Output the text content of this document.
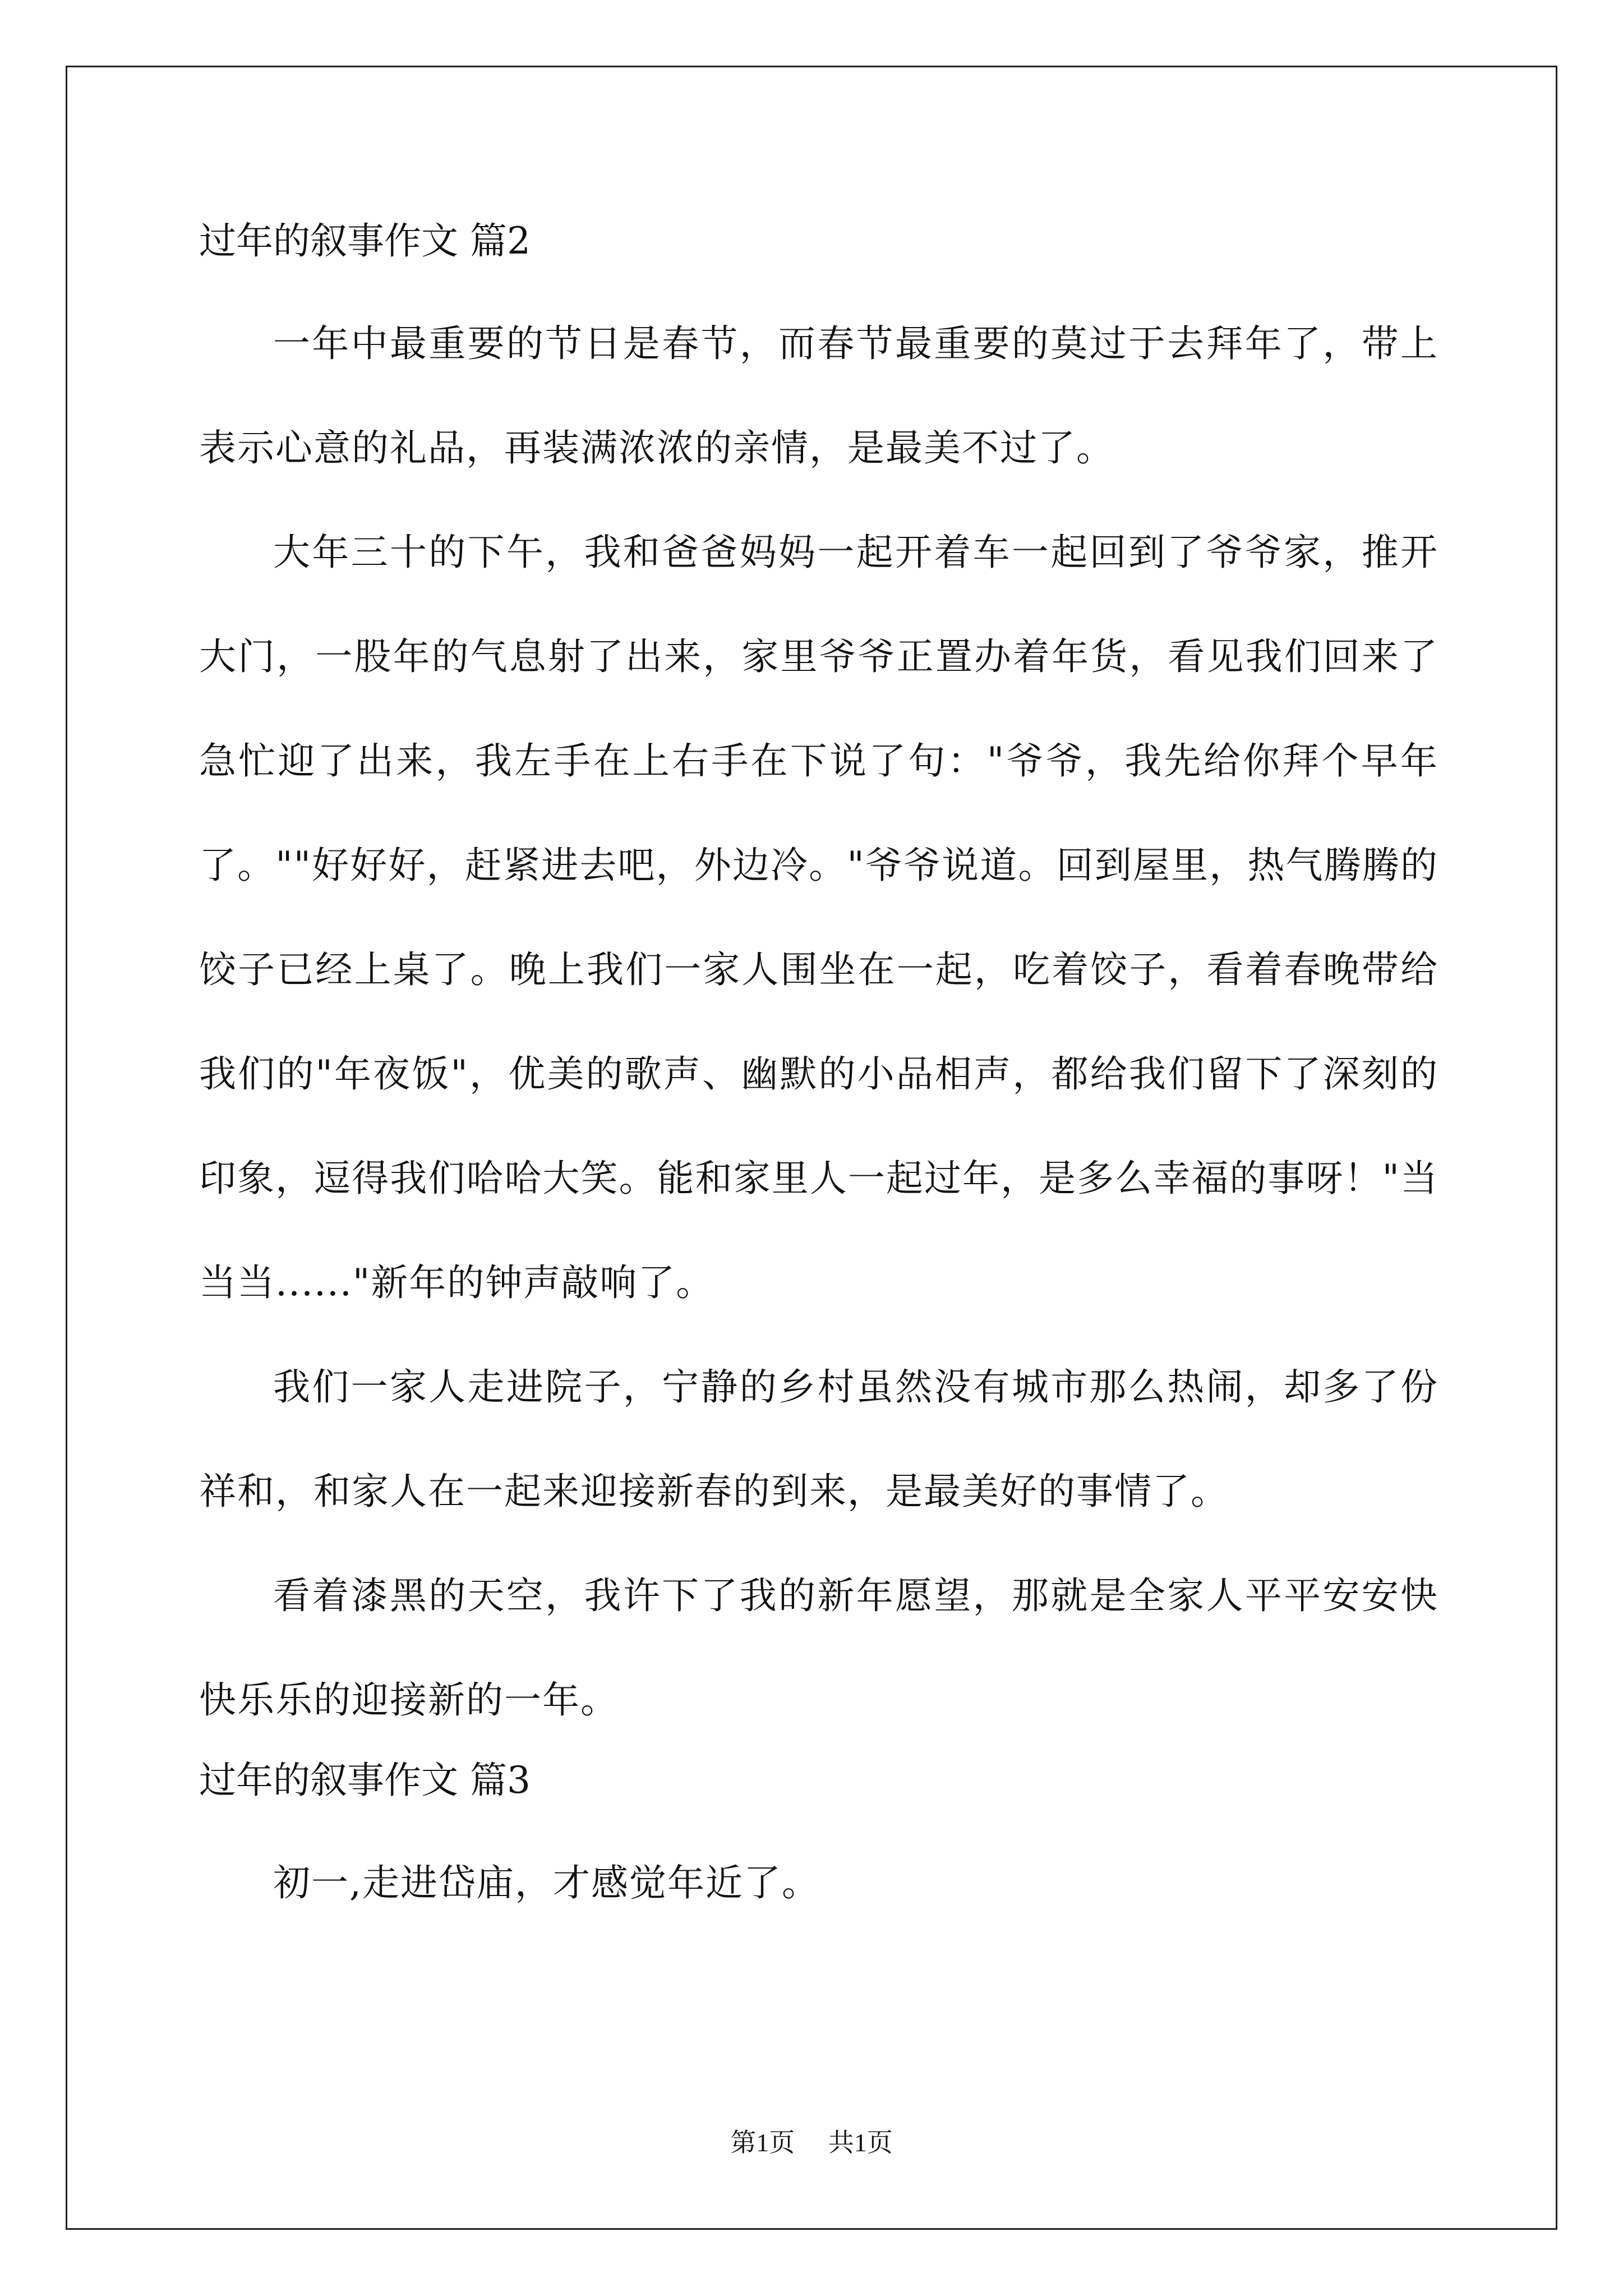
过年的叙事作文 篇2

一年中最重要的节日是春节，而春节最重要的莫过于去拜年了，带上表示心意的礼品，再装满浓浓的亲情，是最美不过了。

大年三十的下午，我和爸爸妈妈一起开着车一起回到了爷爷家，推开大门，一股年的气息射了出来，家里爷爷正置办着年货，看见我们回来了急忙迎了出来，我左手在上右手在下说了句："爷爷，我先给你拜个早年了。""好好好，赶紧进去吧，外边冷。"爷爷说道。回到屋里，热气腾腾的饺子已经上桌了。晚上我们一家人围坐在一起，吃着饺子，看着春晚带给我们的"年夜饭"，优美的歌声、幽默的小品相声，都给我们留下了深刻的印象，逗得我们哈哈大笑。能和家里人一起过年，是多么幸福的事呀！"当当当......"新年的钟声敲响了。

我们一家人走进院子，宁静的乡村虽然没有城市那么热闹，却多了份祥和，和家人在一起来迎接新春的到来，是最美好的事情了。

看着漆黑的天空，我许下了我的新年愿望，那就是全家人平平安安快快乐乐的迎接新的一年。

过年的叙事作文 篇3

初一,走进岱庙，才感觉年近了。

第1页 共1页
